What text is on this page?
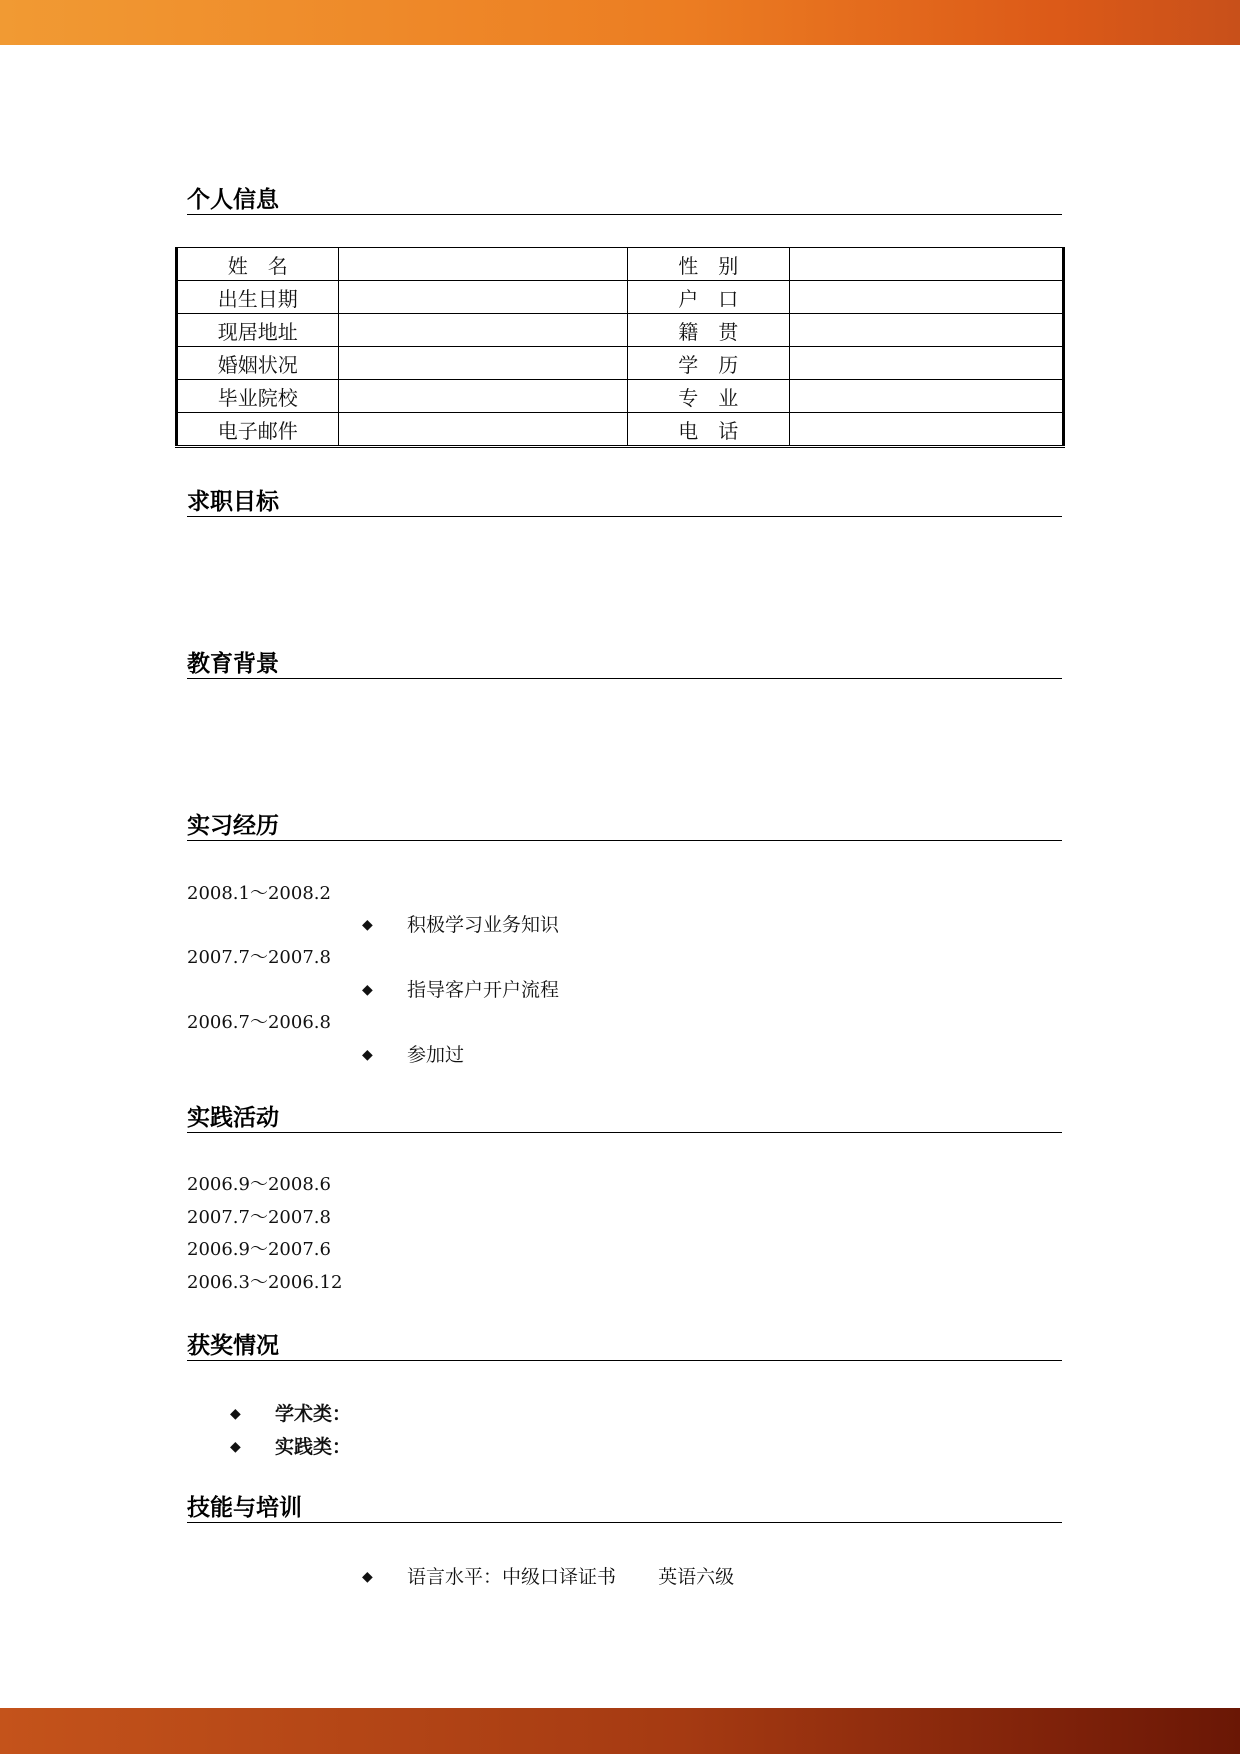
个人信息
姓　名		性　别	
出生日期		户　口	
现居地址		籍　贯	
婚姻状况		学　历	
毕业院校		专　业	
电子邮件		电　话	
求职目标
教育背景
实习经历
2008.1～2008.2
◆ 积极学习业务知识
2007.7～2007.8
◆ 指导客户开户流程
2006.7～2006.8
◆ 参加过
实践活动
2006.9～2008.6
2007.7～2007.8
2006.9～2007.6
2006.3～2006.12
获奖情况
◆ 学术类：
◆ 实践类：
技能与培训
◆ 语言水平：中级口译证书 英语六级
